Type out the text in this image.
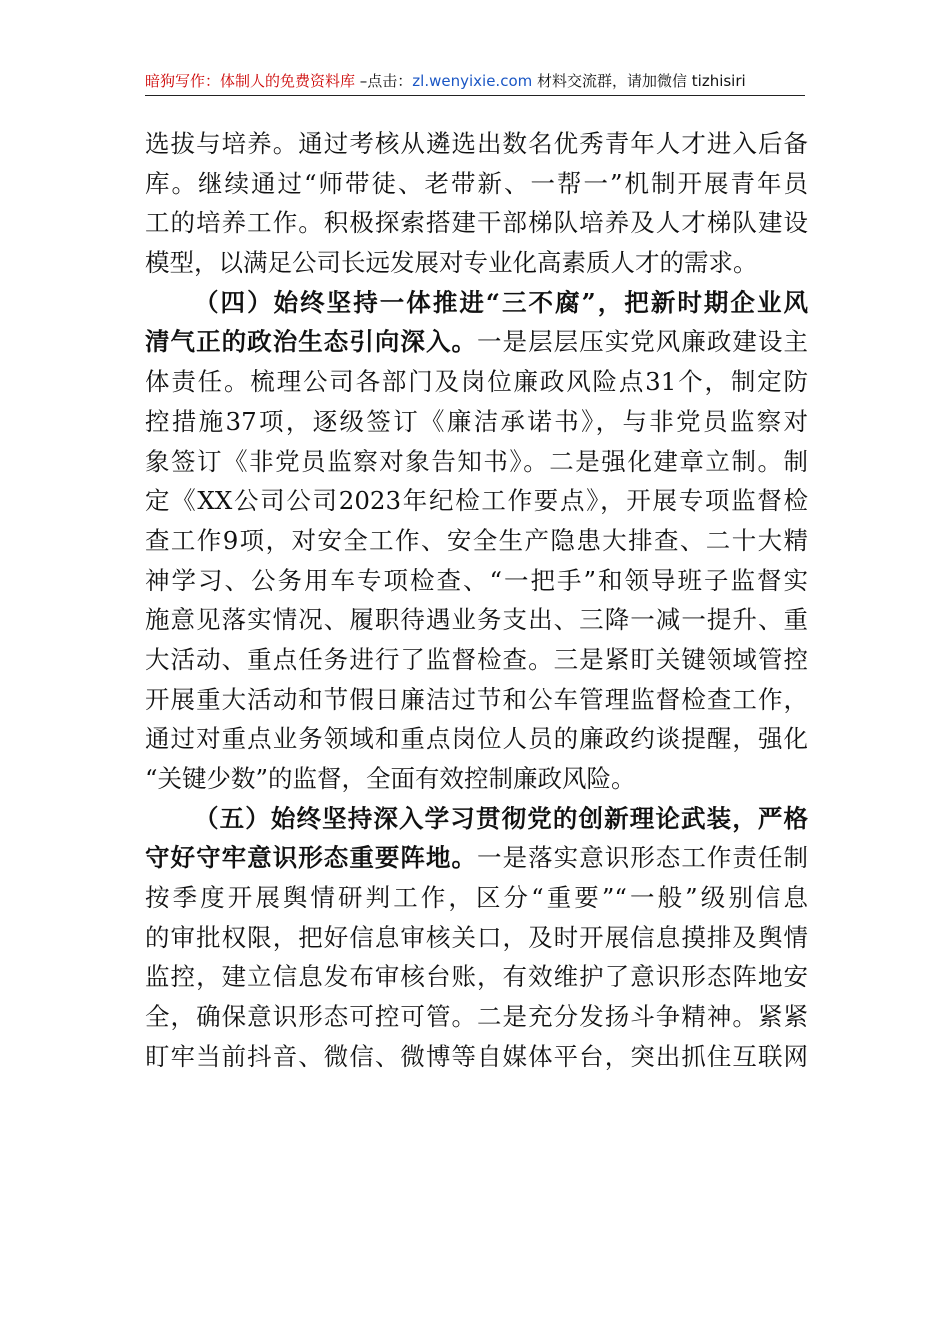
暗狗写作：体制人的免费资料库 –点击：zl.wenyixie.com 材料交流群，请加微信 tizhisiri
选拔与培养。通过考核从遴选出数名优秀青年人才进入后备
库。继续通过“师带徒、老带新、一帮一”机制开展青年员
工的培养工作。积极探索搭建干部梯队培养及人才梯队建设
模型，以满足公司长远发展对专业化高素质人才的需求。
（四）始终坚持一体推进“三不腐”，把新时期企业风
清气正的政治生态引向深入。一是层层压实党风廉政建设主
体责任。梳理公司各部门及岗位廉政风险点31个，制定防
控措施37项，逐级签订《廉洁承诺书》，与非党员监察对
象签订《非党员监察对象告知书》。二是强化建章立制。制
定《XX公司公司2023年纪检工作要点》，开展专项监督检
查工作9项，对安全工作、安全生产隐患大排查、二十大精
神学习、公务用车专项检查、“一把手”和领导班子监督实
施意见落实情况、履职待遇业务支出、三降一减一提升、重
大活动、重点任务进行了监督检查。三是紧盯关键领域管控
开展重大活动和节假日廉洁过节和公车管理监督检查工作，
通过对重点业务领域和重点岗位人员的廉政约谈提醒，强化
“关键少数”的监督，全面有效控制廉政风险。
（五）始终坚持深入学习贯彻党的创新理论武装，严格
守好守牢意识形态重要阵地。一是落实意识形态工作责任制
按季度开展舆情研判工作，区分“重要”“一般”级别信息
的审批权限，把好信息审核关口，及时开展信息摸排及舆情
监控，建立信息发布审核台账，有效维护了意识形态阵地安
全，确保意识形态可控可管。二是充分发扬斗争精神。紧紧
盯牢当前抖音、微信、微博等自媒体平台，突出抓住互联网
